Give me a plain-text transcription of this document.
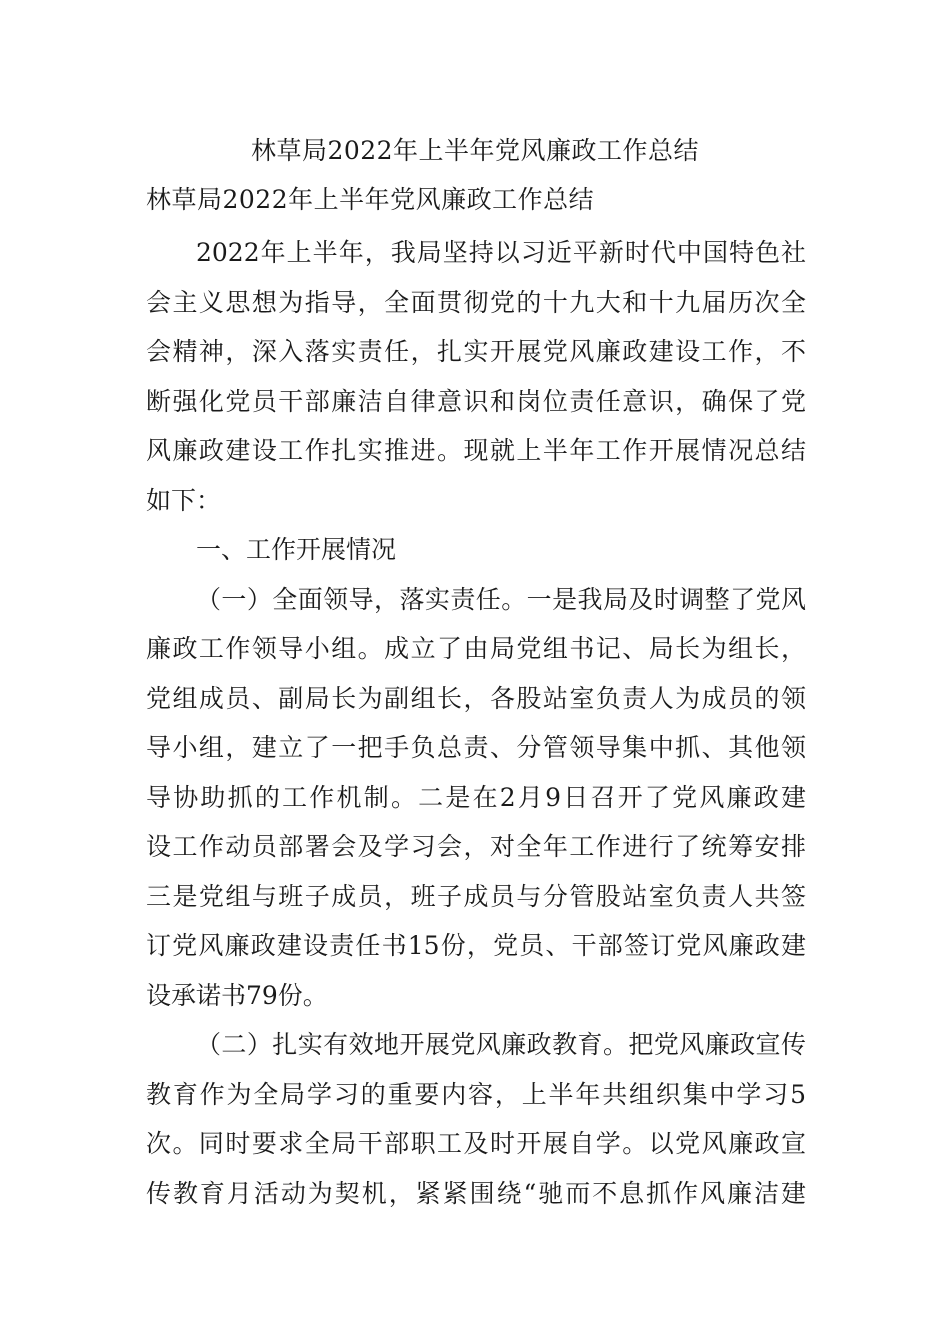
林草局2022年上半年党风廉政工作总结
林草局2022年上半年党风廉政工作总结
2022年上半年，我局坚持以习近平新时代中国特色社
会主义思想为指导，全面贯彻党的十九大和十九届历次全
会精神，深入落实责任，扎实开展党风廉政建设工作，不
断强化党员干部廉洁自律意识和岗位责任意识，确保了党
风廉政建设工作扎实推进。现就上半年工作开展情况总结
如下：
一、工作开展情况
（一）全面领导，落实责任。一是我局及时调整了党风
廉政工作领导小组。成立了由局党组书记、局长为组长，
党组成员、副局长为副组长，各股站室负责人为成员的领
导小组，建立了一把手负总责、分管领导集中抓、其他领
导协助抓的工作机制。二是在2月9日召开了党风廉政建
设工作动员部署会及学习会，对全年工作进行了统筹安排
三是党组与班子成员，班子成员与分管股站室负责人共签
订党风廉政建设责任书15份，党员、干部签订党风廉政建
设承诺书79份。
（二）扎实有效地开展党风廉政教育。把党风廉政宣传
教育作为全局学习的重要内容，上半年共组织集中学习5
次。同时要求全局干部职工及时开展自学。以党风廉政宣
传教育月活动为契机，紧紧围绕“驰而不息抓作风廉洁建
